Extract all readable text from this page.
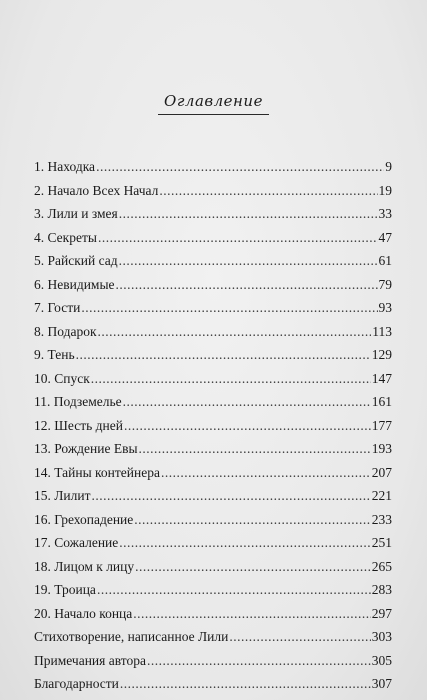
Оглавление
1. Находка .....	9
2. Начало Всех Начал .....	19
3. Лили и змея .....	33
4. Секреты .....	47
5. Райский сад .....	61
6. Невидимые .....	79
7. Гости .....	93
8. Подарок .....	113
9. Тень .....	129
10. Спуск .....	147
11. Подземелье .....	161
12. Шесть дней .....	177
13. Рождение Евы .....	193
14. Тайны контейнера .....	207
15. Лилит .....	221
16. Грехопадение .....	233
17. Сожаление .....	251
18. Лицом к лицу .....	265
19. Троица .....	283
20. Начало конца .....	297
Стихотворение, написанное Лили .....	303
Примечания автора .....	305
Благодарности .....	307
